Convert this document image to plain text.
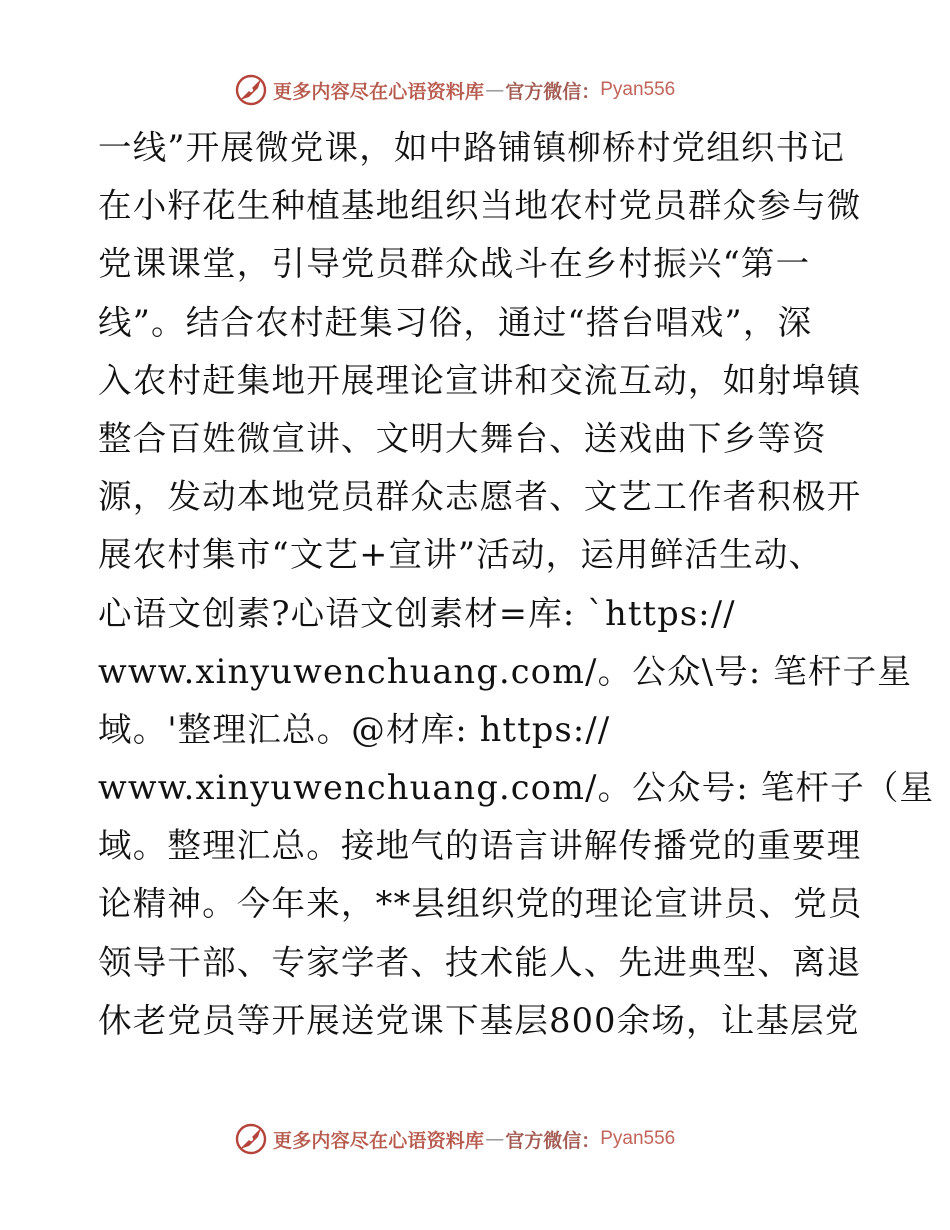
更多内容尽在心语资料库 — 官方微信： Pyan556
一线”开展微党课，如中路铺镇柳桥村党组织书记
在小籽花生种植基地组织当地农村党员群众参与微
党课课堂，引导党员群众战斗在乡村振兴“第一
线”。结合农村赶集习俗，通过“搭台唱戏”，深
入农村赶集地开展理论宣讲和交流互动，如射埠镇
整合百姓微宣讲、文明大舞台、送戏曲下乡等资
源，发动本地党员群众志愿者、文艺工作者积极开
展农村集市“文艺+宣讲”活动，运用鲜活生动、
心语文创素?心语文创素材=库: `https://
www.xinyuwenchuang.com/。公众\号: 笔杆子星
域。'整理汇总。@材库: https://
www.xinyuwenchuang.com/。公众号: 笔杆子（星
域。整理汇总。接地气的语言讲解传播党的重要理
论精神。今年来，**县组织党的理论宣讲员、党员
领导干部、专家学者、技术能人、先进典型、离退
休老党员等开展送党课下基层800余场，让基层党
更多内容尽在心语资料库 — 官方微信： Pyan556
